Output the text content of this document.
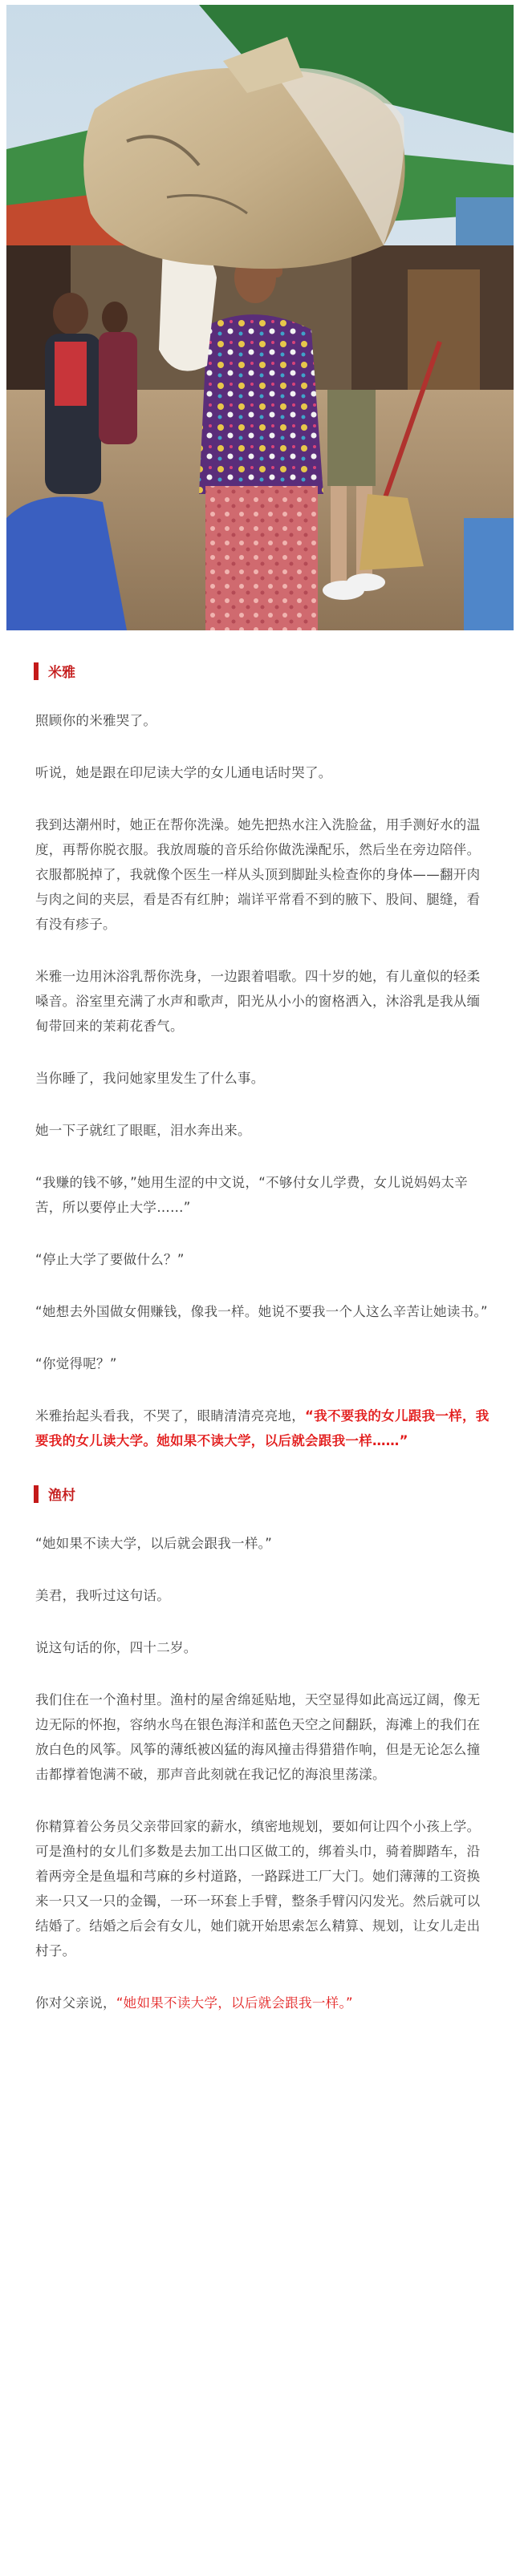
米雅

照顾你的米雅哭了。

听说，她是跟在印尼读大学的女儿通电话时哭了。

我到达潮州时，她正在帮你洗澡。她先把热水注入洗脸盆，用手测好水的温度，再帮你脱衣服。我放周璇的音乐给你做洗澡配乐，然后坐在旁边陪伴。衣服都脱掉了，我就像个医生一样从头顶到脚趾头检查你的身体——翻开肉与肉之间的夹层，看是否有红肿；端详平常看不到的腋下、股间、腿缝，看有没有疹子。

米雅一边用沐浴乳帮你洗身，一边跟着唱歌。四十岁的她，有儿童似的轻柔嗓音。浴室里充满了水声和歌声，阳光从小小的窗格洒入，沐浴乳是我从缅甸带回来的茉莉花香气。

当你睡了，我问她家里发生了什么事。

她一下子就红了眼眶，泪水奔出来。

“我赚的钱不够，”她用生涩的中文说，“不够付女儿学费，女儿说妈妈太辛苦，所以要停止大学……”

“停止大学了要做什么？”

“她想去外国做女佣赚钱，像我一样。她说不要我一个人这么辛苦让她读书。”

“你觉得呢？”

米雅抬起头看我，不哭了，眼睛清清亮亮地，“我不要我的女儿跟我一样，我要我的女儿读大学。她如果不读大学，以后就会跟我一样……”

渔村

“她如果不读大学，以后就会跟我一样。”

美君，我听过这句话。

说这句话的你，四十二岁。

我们住在一个渔村里。渔村的屋舍绵延贴地，天空显得如此高远辽阔，像无边无际的怀抱，容纳水鸟在银色海洋和蓝色天空之间翻跃，海滩上的我们在放白色的风筝。风筝的薄纸被凶猛的海风撞击得猎猎作响，但是无论怎么撞击都撑着饱满不破，那声音此刻就在我记忆的海浪里荡漾。

你精算着公务员父亲带回家的薪水，缜密地规划，要如何让四个小孩上学。可是渔村的女儿们多数是去加工出口区做工的，绑着头巾，骑着脚踏车，沿着两旁全是鱼塭和芎麻的乡村道路，一路踩进工厂大门。她们薄薄的工资换来一只又一只的金镯，一环一环套上手臂，整条手臂闪闪发光。然后就可以结婚了。结婚之后会有女儿，她们就开始思索怎么精算、规划，让女儿走出村子。

你对父亲说，“她如果不读大学，以后就会跟我一样。”
